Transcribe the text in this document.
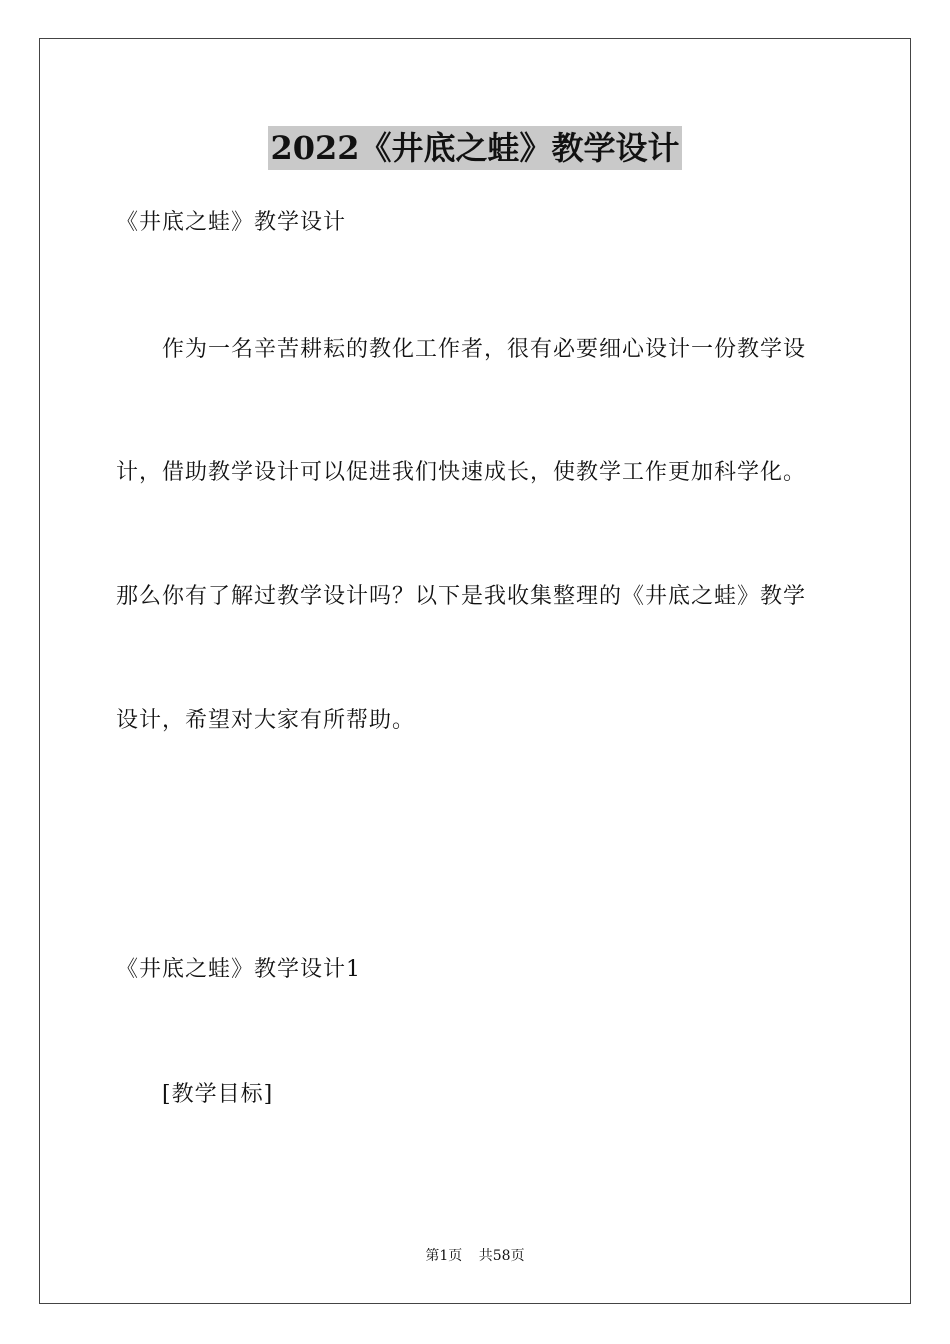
2022《井底之蛙》教学设计
《井底之蛙》教学设计
作为一名辛苦耕耘的教化工作者，很有必要细心设计一份教学设
计，借助教学设计可以促进我们快速成长，使教学工作更加科学化。
那么你有了解过教学设计吗？以下是我收集整理的《井底之蛙》教学
设计，希望对大家有所帮助。
《井底之蛙》教学设计1
[教学目标]
第1页 共58页
